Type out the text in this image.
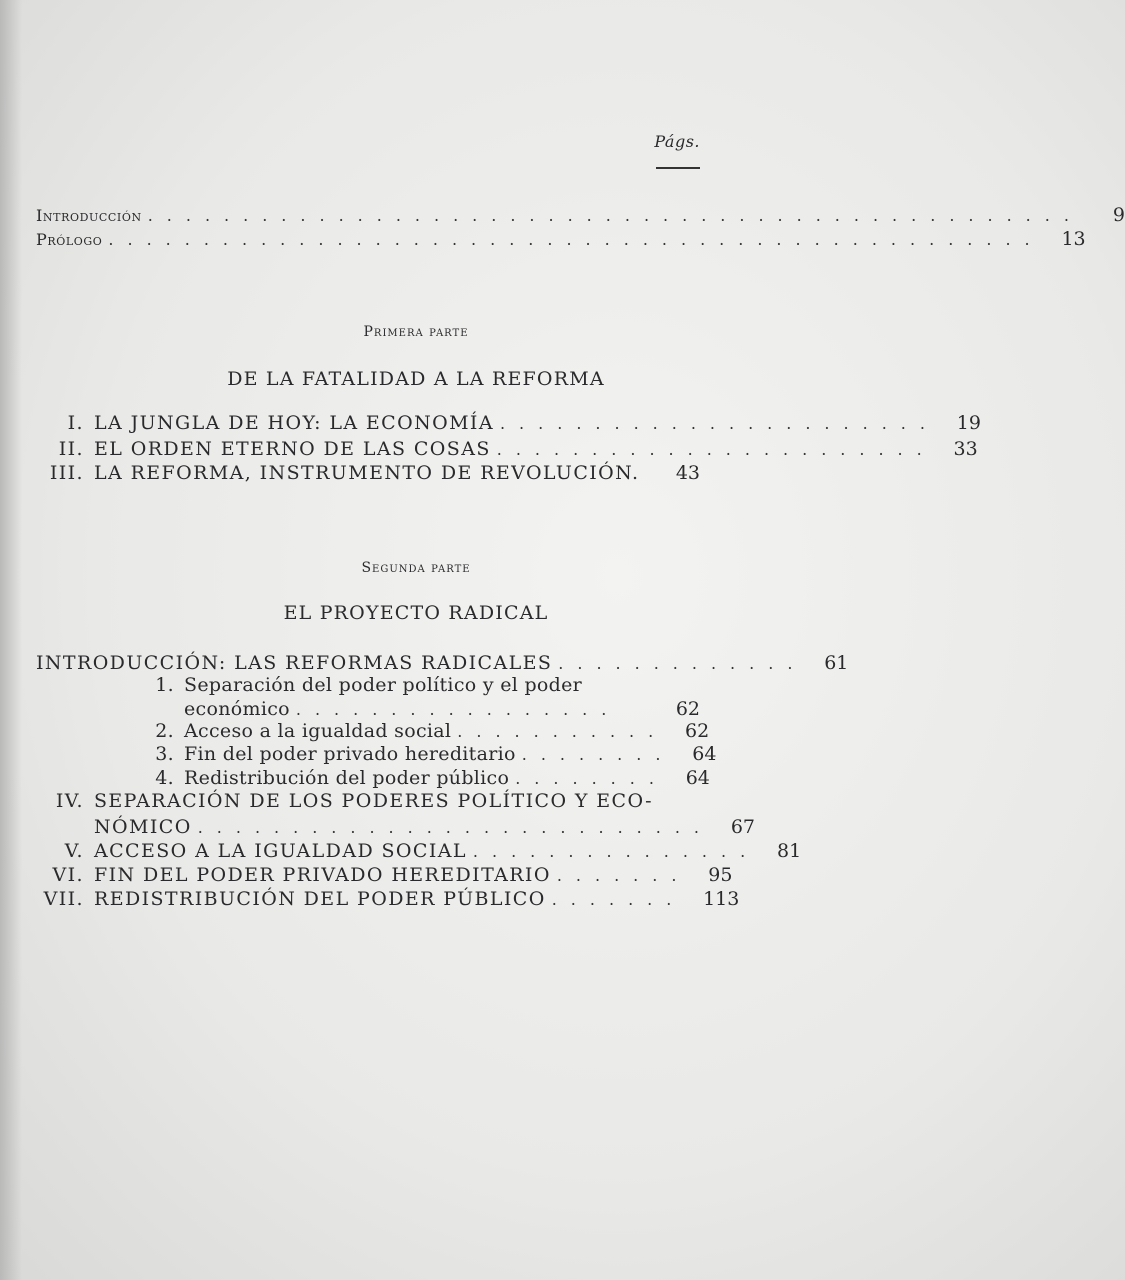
Págs.
Introducción .................................................	9
Prólogo ................................................. 13
Primera parte
DE LA FATALIDAD A LA REFORMA
I. LA JUNGLA DE HOY: LA ECONOMÍA ....................... 19
II. EL ORDEN ETERNO DE LAS COSAS ....................... 33
III. LA REFORMA, INSTRUMENTO DE REVOLUCIÓN.	43
Segunda parte
EL PROYECTO RADICAL
INTRODUCCIÓN: LAS REFORMAS RADICALES ............. 61
1. Separación del poder político y el poder
económico .................	62
2. Acceso a la igualdad social ........... 62
3. Fin del poder privado hereditario ........ 64
4. Redistribución del poder público ........ 64
IV. SEPARACIÓN DE LOS PODERES POLÍTICO Y ECO-
NÓMICO ........................... 67
V. ACCESO A LA IGUALDAD SOCIAL ............... 81
VI. FIN DEL PODER PRIVADO HEREDITARIO ....... 95
VII. REDISTRIBUCIÓN DEL PODER PÚBLICO ....... 113
